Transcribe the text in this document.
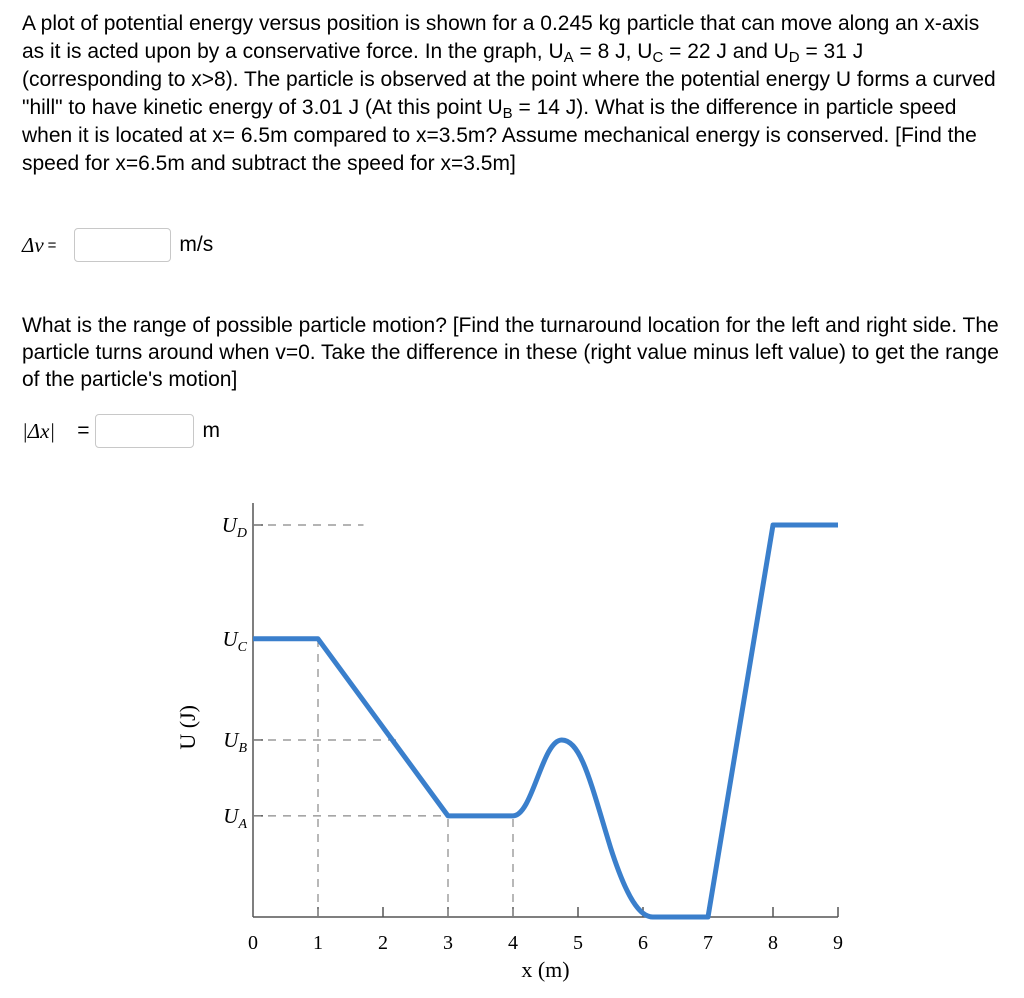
A plot of potential energy versus position is shown for a 0.245 kg particle that can move along an x-axis as it is acted upon by a conservative force. In the graph, $U_A = 8$ J, $U_C = 22$ J and $U_D = 31$ J (corresponding to x>8). The particle is observed at the point where the potential energy U forms a curved "hill" to have kinetic energy of 3.01 J (At this point $U_B = 14$ J). What is the difference in particle speed when it is located at x= 6.5m compared to x=3.5m? Assume mechanical energy is conserved. [Find the speed for x=6.5m and subtract the speed for x=3.5m]
Δv =	m/s
What is the range of possible particle motion? [Find the turnaround location for the left and right side. The particle turns around when v=0. Take the difference in these (right value minus left value) to get the range of the particle's motion]
|Δx| =	m
0	1	2	3	4	5	6	7	8	9
$U_D$
$U_C$
$U_B$
$U_A$
x (m)
U (J)
